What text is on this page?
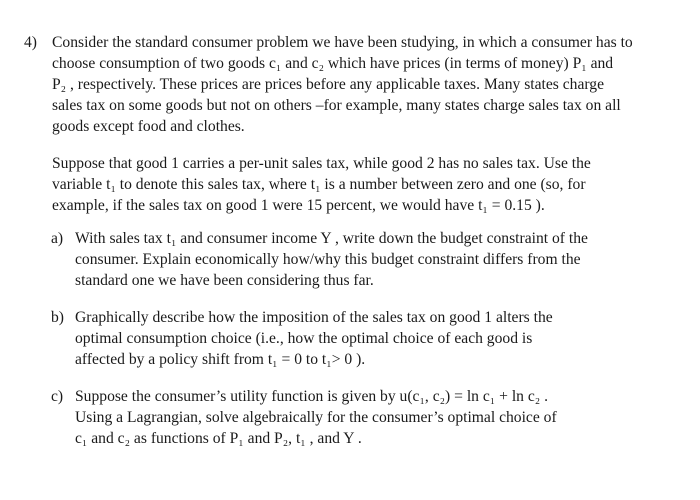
4) Consider the standard consumer problem we have been studying, in which a consumer has to
choose consumption of two goods c₁ and c₂ which have prices (in terms of money) P₁ and
P₂ , respectively. These prices are prices before any applicable taxes. Many states charge
sales tax on some goods but not on others –for example, many states charge sales tax on all
goods except food and clothes.
Suppose that good 1 carries a per-unit sales tax, while good 2 has no sales tax. Use the
variable t₁ to denote this sales tax, where t₁ is a number between zero and one (so, for
example, if the sales tax on good 1 were 15 percent, we would have t₁ = 0.15 ).
a) With sales tax t₁ and consumer income Y , write down the budget constraint of the
consumer. Explain economically how/why this budget constraint differs from the
standard one we have been considering thus far.
b) Graphically describe how the imposition of the sales tax on good 1 alters the
optimal consumption choice (i.e., how the optimal choice of each good is
affected by a policy shift from t₁ = 0 to t₁> 0 ).
c) Suppose the consumer’s utility function is given by u(c₁, c₂) = ln c₁ + ln c₂ .
Using a Lagrangian, solve algebraically for the consumer’s optimal choice of
c₁ and c₂ as functions of P₁ and P₂, t₁ , and Y .
